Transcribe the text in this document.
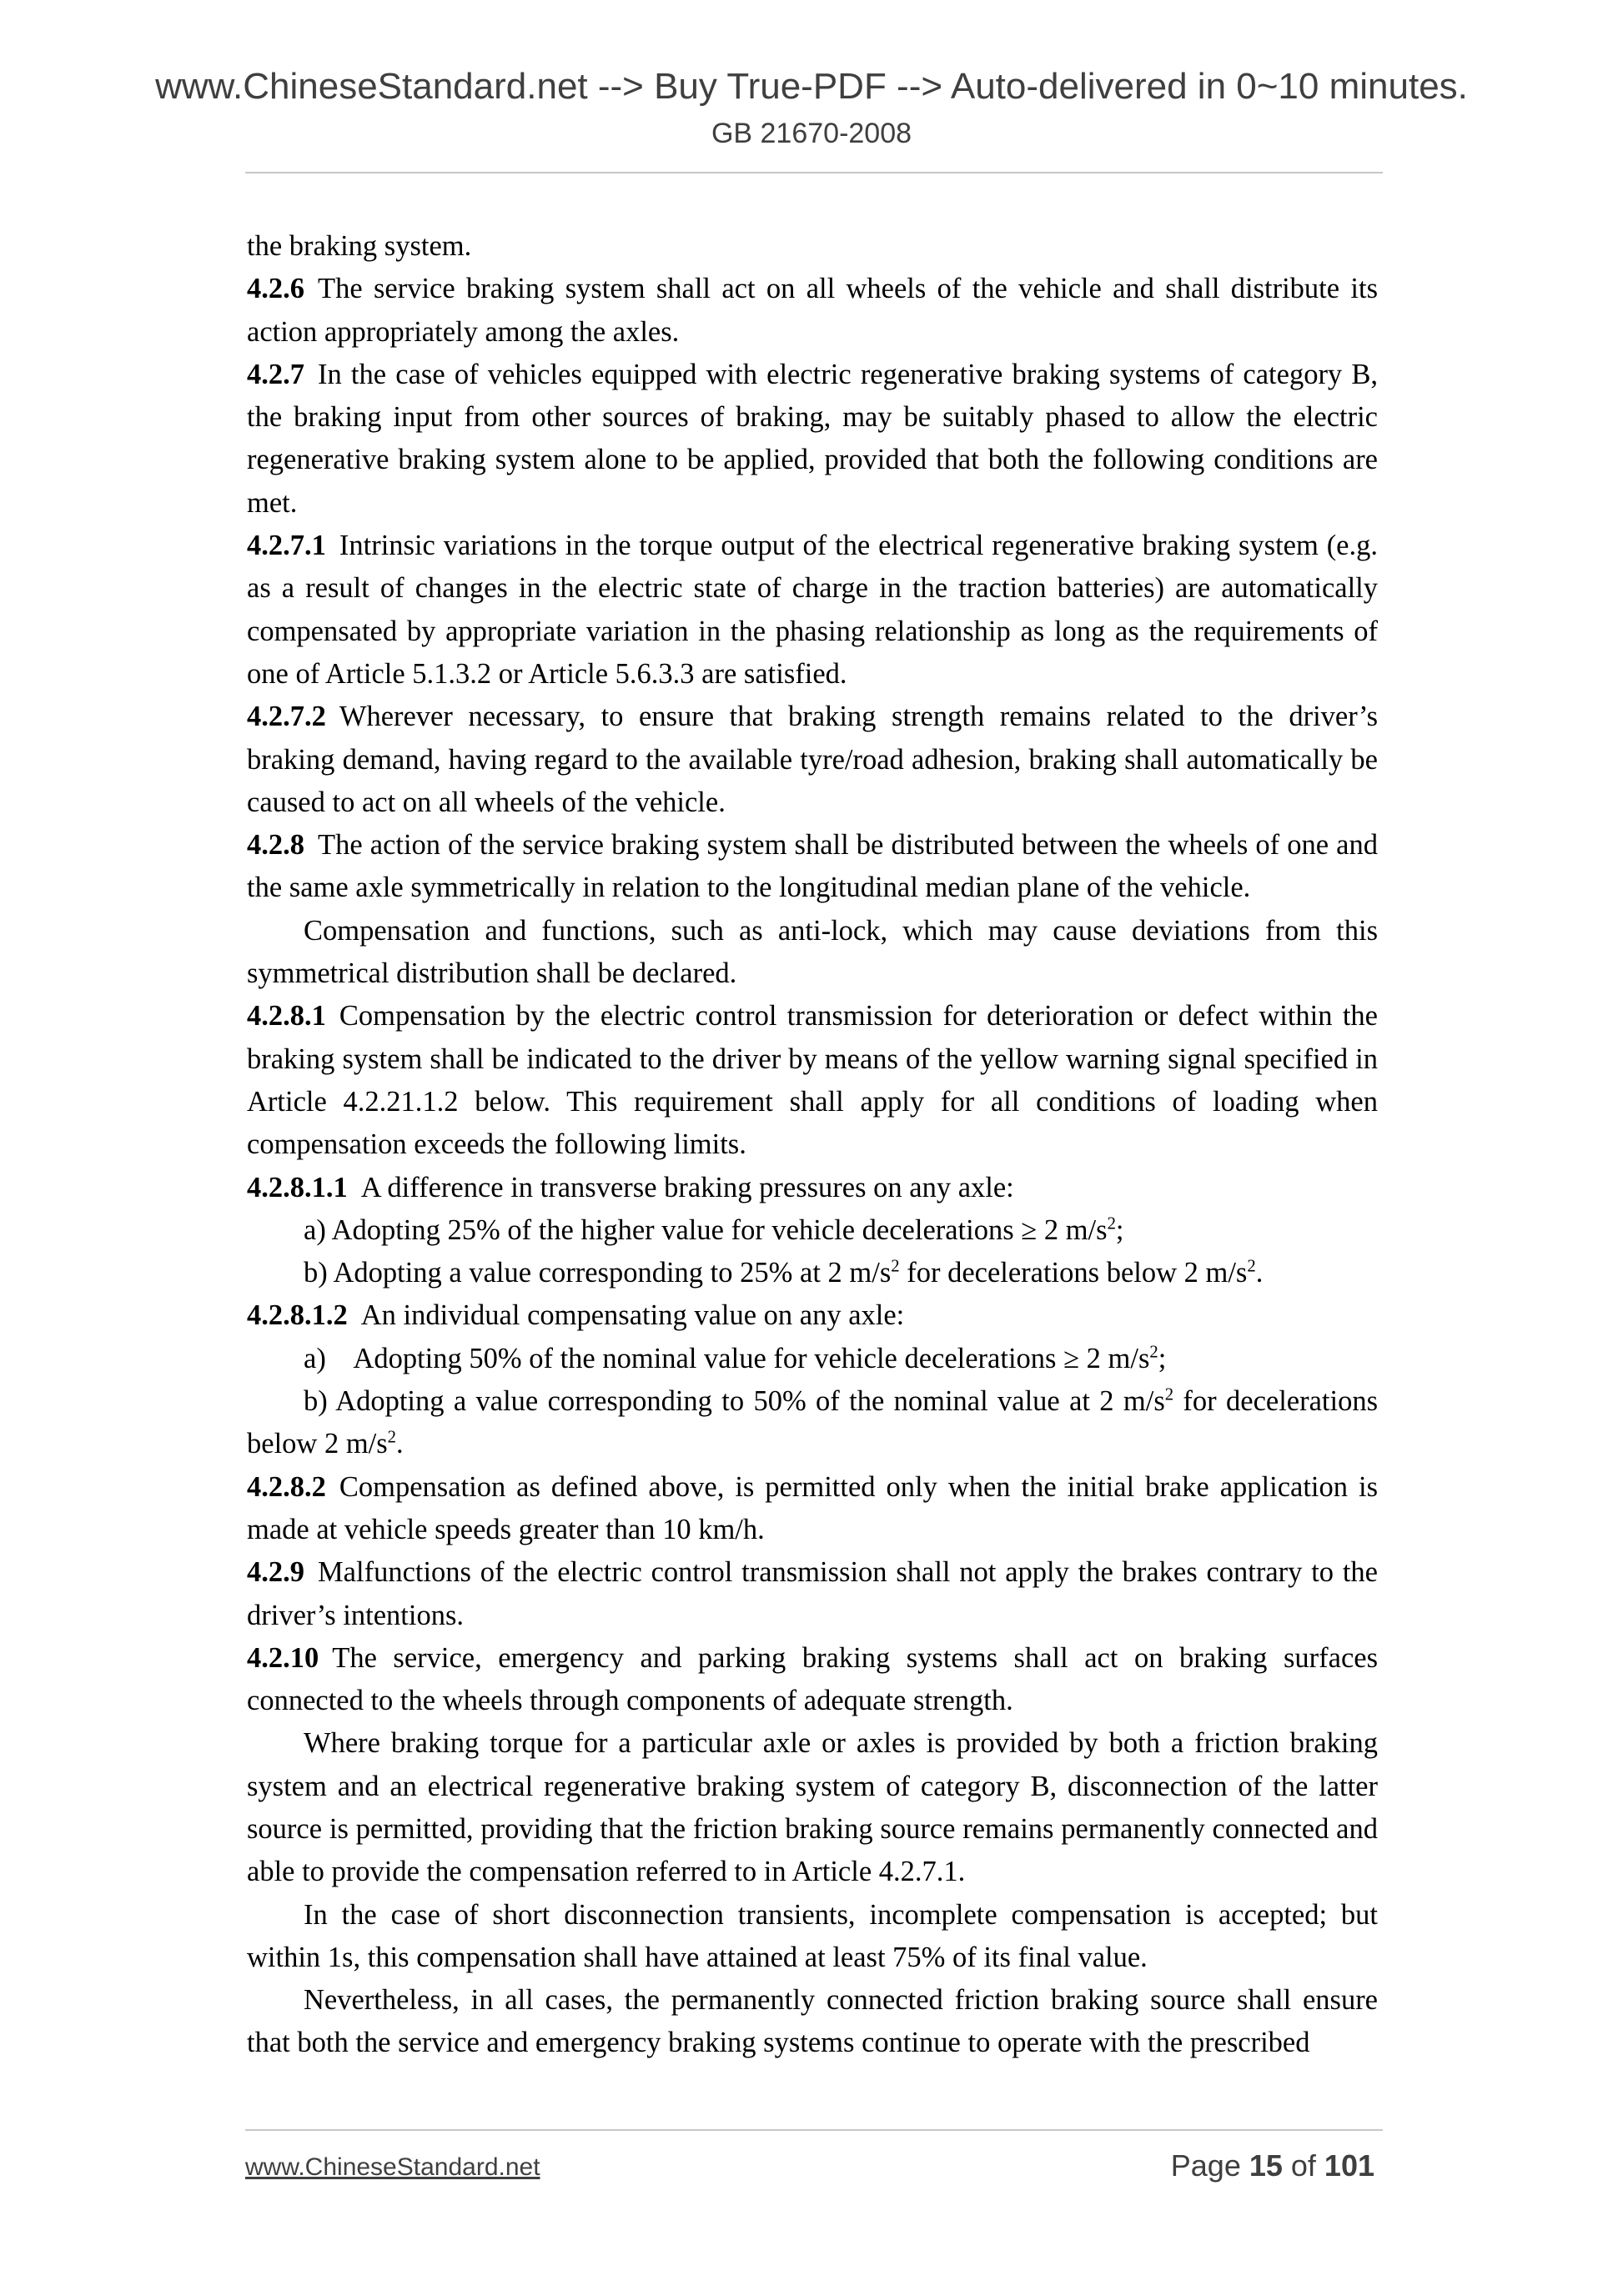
www.ChineseStandard.net --> Buy True-PDF --> Auto-delivered in 0~10 minutes.
GB 21670-2008

the braking system.

4.2.6 The service braking system shall act on all wheels of the vehicle and shall distribute its action appropriately among the axles.

4.2.7 In the case of vehicles equipped with electric regenerative braking systems of category B, the braking input from other sources of braking, may be suitably phased to allow the electric regenerative braking system alone to be applied, provided that both the following conditions are met.

4.2.7.1 Intrinsic variations in the torque output of the electrical regenerative braking system (e.g. as a result of changes in the electric state of charge in the traction batteries) are automatically compensated by appropriate variation in the phasing relationship as long as the requirements of one of Article 5.1.3.2 or Article 5.6.3.3 are satisfied.

4.2.7.2 Wherever necessary, to ensure that braking strength remains related to the driver’s braking demand, having regard to the available tyre/road adhesion, braking shall automatically be caused to act on all wheels of the vehicle.

4.2.8 The action of the service braking system shall be distributed between the wheels of one and the same axle symmetrically in relation to the longitudinal median plane of the vehicle.

Compensation and functions, such as anti-lock, which may cause deviations from this symmetrical distribution shall be declared.

4.2.8.1 Compensation by the electric control transmission for deterioration or defect within the braking system shall be indicated to the driver by means of the yellow warning signal specified in Article 4.2.21.1.2 below. This requirement shall apply for all conditions of loading when compensation exceeds the following limits.

4.2.8.1.1 A difference in transverse braking pressures on any axle:

a) Adopting 25% of the higher value for vehicle decelerations ≥ 2 $m/s^2$;

b) Adopting a value corresponding to 25% at 2 $m/s^2$ for decelerations below 2 $m/s^2$.

4.2.8.1.2 An individual compensating value on any axle:

a)    Adopting 50% of the nominal value for vehicle decelerations ≥ 2 $m/s^2$;

b) Adopting a value corresponding to 50% of the nominal value at 2 $m/s^2$ for decelerations below 2 $m/s^2$.

4.2.8.2 Compensation as defined above, is permitted only when the initial brake application is made at vehicle speeds greater than 10 km/h.

4.2.9 Malfunctions of the electric control transmission shall not apply the brakes contrary to the driver’s intentions.

4.2.10 The service, emergency and parking braking systems shall act on braking surfaces connected to the wheels through components of adequate strength.

Where braking torque for a particular axle or axles is provided by both a friction braking system and an electrical regenerative braking system of category B, disconnection of the latter source is permitted, providing that the friction braking source remains permanently connected and able to provide the compensation referred to in Article 4.2.7.1.

In the case of short disconnection transients, incomplete compensation is accepted; but within 1s, this compensation shall have attained at least 75% of its final value.

Nevertheless, in all cases, the permanently connected friction braking source shall ensure that both the service and emergency braking systems continue to operate with the prescribed

www.ChineseStandard.net	Page 15 of 101
